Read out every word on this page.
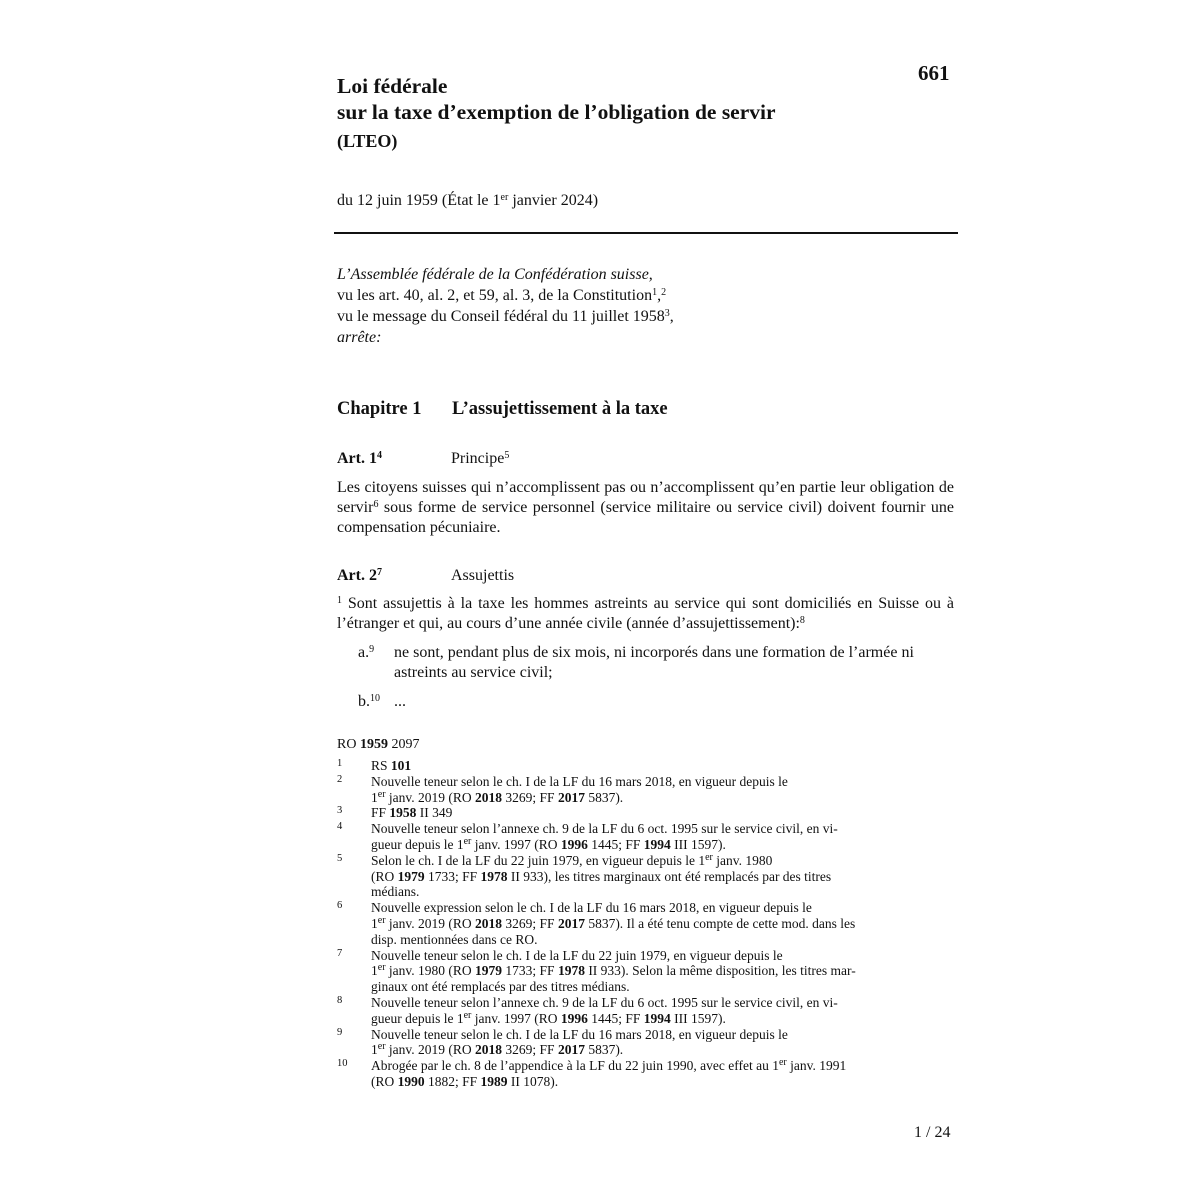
661
Loi fédérale
sur la taxe d’exemption de l’obligation de servir
(LTEO)
du 12 juin 1959 (État le 1er janvier 2024)
L’Assemblée fédérale de la Confédération suisse,
vu les art. 40, al. 2, et 59, al. 3, de la Constitution$^1$,$^2$
vu le message du Conseil fédéral du 11 juillet 1958$^3$,
arrête:
Chapitre 1 L’assujettissement à la taxe
Art. $1^4$	Principe$^5$
Les citoyens suisses qui n’accomplissent pas ou n’accomplissent qu’en partie leur obligation de servir$^6$ sous forme de service personnel (service militaire ou service civil) doivent fournir une compensation pécuniaire.
Art. $2^7$	Assujettis
$^1$ Sont assujettis à la taxe les hommes astreints au service qui sont domiciliés en Suisse ou à l’étranger et qui, au cours d’une année civile (année d’assujettissement):$^8$
a.$^9$ ne sont, pendant plus de six mois, ni incorporés dans une formation de l’armée ni astreints au service civil;
b.$^{10}$ ...
RO 1959 2097
1 RS 101
2 Nouvelle teneur selon le ch. I de la LF du 16 mars 2018, en vigueur depuis le
1er janv. 2019 (RO 2018 3269; FF 2017 5837).
3 FF 1958 II 349
4 Nouvelle teneur selon l’annexe ch. 9 de la LF du 6 oct. 1995 sur le service civil, en vi-
gueur depuis le 1er janv. 1997 (RO 1996 1445; FF 1994 III 1597).
5 Selon le ch. I de la LF du 22 juin 1979, en vigueur depuis le 1er janv. 1980
(RO 1979 1733; FF 1978 II 933), les titres marginaux ont été remplacés par des titres
médians.
6 Nouvelle expression selon le ch. I de la LF du 16 mars 2018, en vigueur depuis le
1er janv. 2019 (RO 2018 3269; FF 2017 5837). Il a été tenu compte de cette mod. dans les
disp. mentionnées dans ce RO.
7 Nouvelle teneur selon le ch. I de la LF du 22 juin 1979, en vigueur depuis le
1er janv. 1980 (RO 1979 1733; FF 1978 II 933). Selon la même disposition, les titres mar-
ginaux ont été remplacés par des titres médians.
8 Nouvelle teneur selon l’annexe ch. 9 de la LF du 6 oct. 1995 sur le service civil, en vi-
gueur depuis le 1er janv. 1997 (RO 1996 1445; FF 1994 III 1597).
9 Nouvelle teneur selon le ch. I de la LF du 16 mars 2018, en vigueur depuis le
1er janv. 2019 (RO 2018 3269; FF 2017 5837).
10 Abrogée par le ch. 8 de l’appendice à la LF du 22 juin 1990, avec effet au 1er janv. 1991
(RO 1990 1882; FF 1989 II 1078).
1 / 24
